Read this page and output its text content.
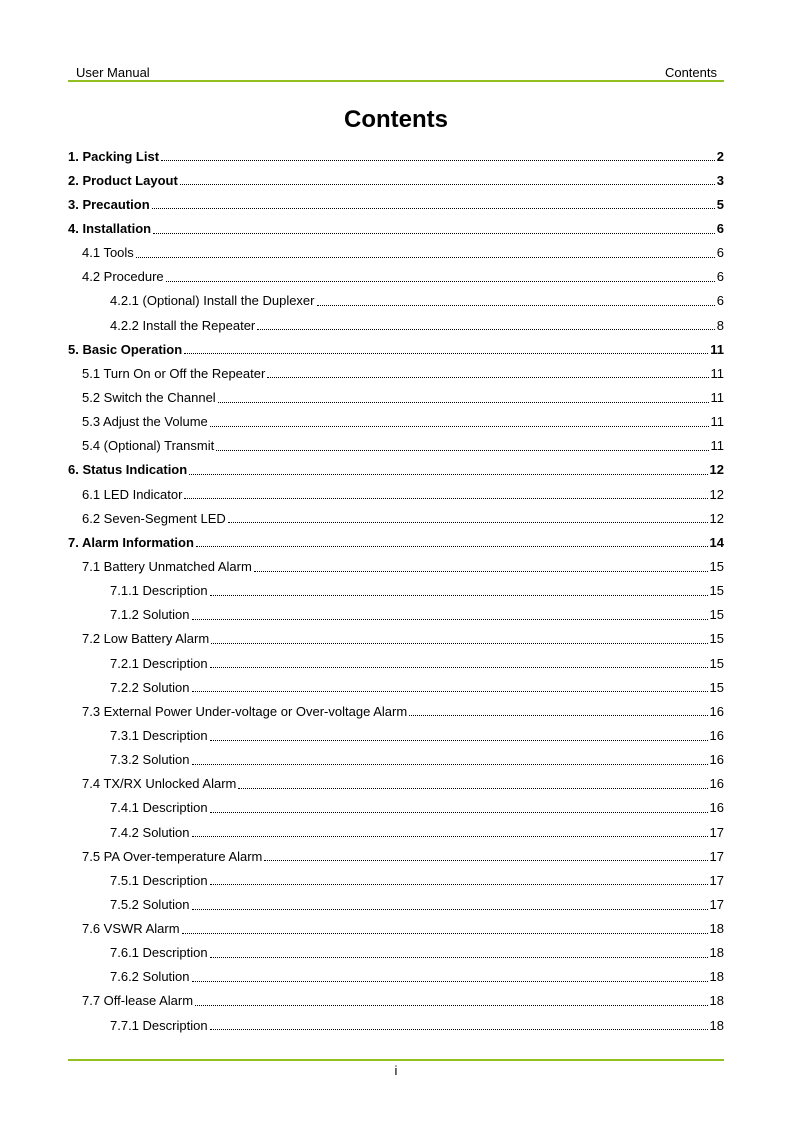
User Manual	Contents
Contents
1. Packing List	2
2. Product Layout	3
3. Precaution	5
4. Installation	6
4.1 Tools	6
4.2 Procedure	6
4.2.1 (Optional) Install the Duplexer	6
4.2.2 Install the Repeater	8
5. Basic Operation	11
5.1 Turn On or Off the Repeater	11
5.2 Switch the Channel	11
5.3 Adjust the Volume	11
5.4 (Optional) Transmit	11
6. Status Indication	12
6.1 LED Indicator	12
6.2 Seven-Segment LED	12
7. Alarm Information	14
7.1 Battery Unmatched Alarm	15
7.1.1 Description	15
7.1.2 Solution	15
7.2 Low Battery Alarm	15
7.2.1 Description	15
7.2.2 Solution	15
7.3 External Power Under-voltage or Over-voltage Alarm	16
7.3.1 Description	16
7.3.2 Solution	16
7.4 TX/RX Unlocked Alarm	16
7.4.1 Description	16
7.4.2 Solution	17
7.5 PA Over-temperature Alarm	17
7.5.1 Description	17
7.5.2 Solution	17
7.6 VSWR Alarm	18
7.6.1 Description	18
7.6.2 Solution	18
7.7 Off-lease Alarm	18
7.7.1 Description	18
i
